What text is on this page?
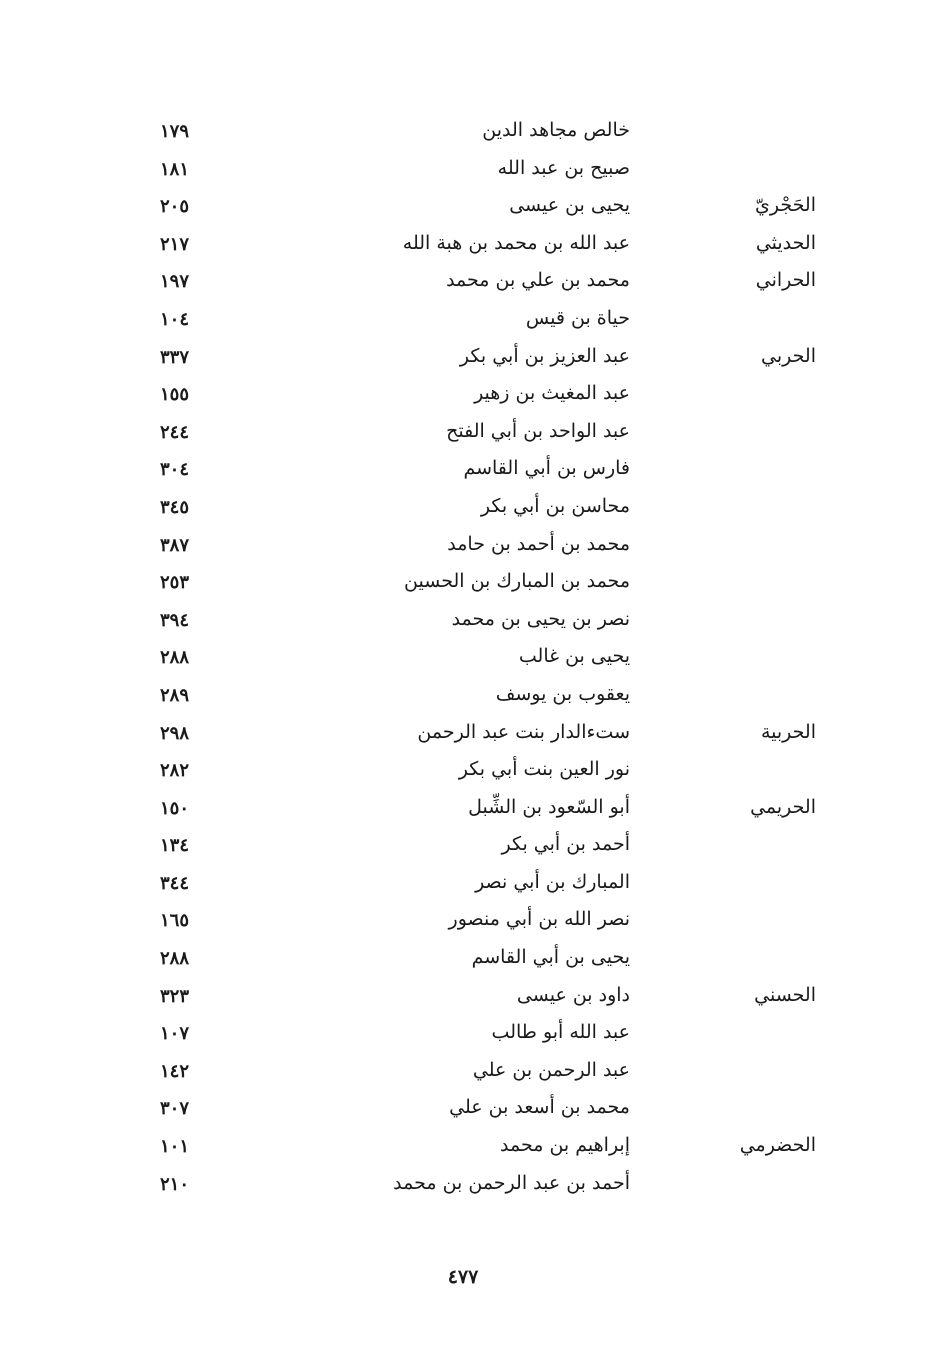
خالص مجاهد الدين
١٧٩
صبيح بن عبد الله
١٨١
الحَجْريّ
يحيى بن عيسى
٢٠٥
الحديثي
عبد الله بن محمد بن هبة الله
٢١٧
الحراني
محمد بن علي بن محمد
١٩٧
حياة بن قيس
١٠٤
الحربي
عبد العزيز بن أبي بكر
٣٣٧
عبد المغيث بن زهير
١٥٥
عبد الواحد بن أبي الفتح
٢٤٤
فارس بن أبي القاسم
٣٠٤
محاسن بن أبي بكر
٣٤٥
محمد بن أحمد بن حامد
٣٨٧
محمد بن المبارك بن الحسين
٢٥٣
نصر بن يحيى بن محمد
٣٩٤
يحيى بن غالب
٢٨٨
يعقوب بن يوسف
٢٨٩
الحربية
ستءالدار بنت عبد الرحمن
٢٩٨
نور العين بنت أبي بكر
٢٨٢
الحريمي
أبو السّعود بن الشِّبل
١٥٠
أحمد بن أبي بكر
١٣٤
المبارك بن أبي نصر
٣٤٤
نصر الله بن أبي منصور
١٦٥
يحيى بن أبي القاسم
٢٨٨
الحسني
داود بن عيسى
٣٢٣
عبد الله أبو طالب
١٠٧
عبد الرحمن بن علي
١٤٢
محمد بن أسعد بن علي
٣٠٧
الحضرمي
إبراهيم بن محمد
١٠١
أحمد بن عبد الرحمن بن محمد
٢١٠
٤٧٧
